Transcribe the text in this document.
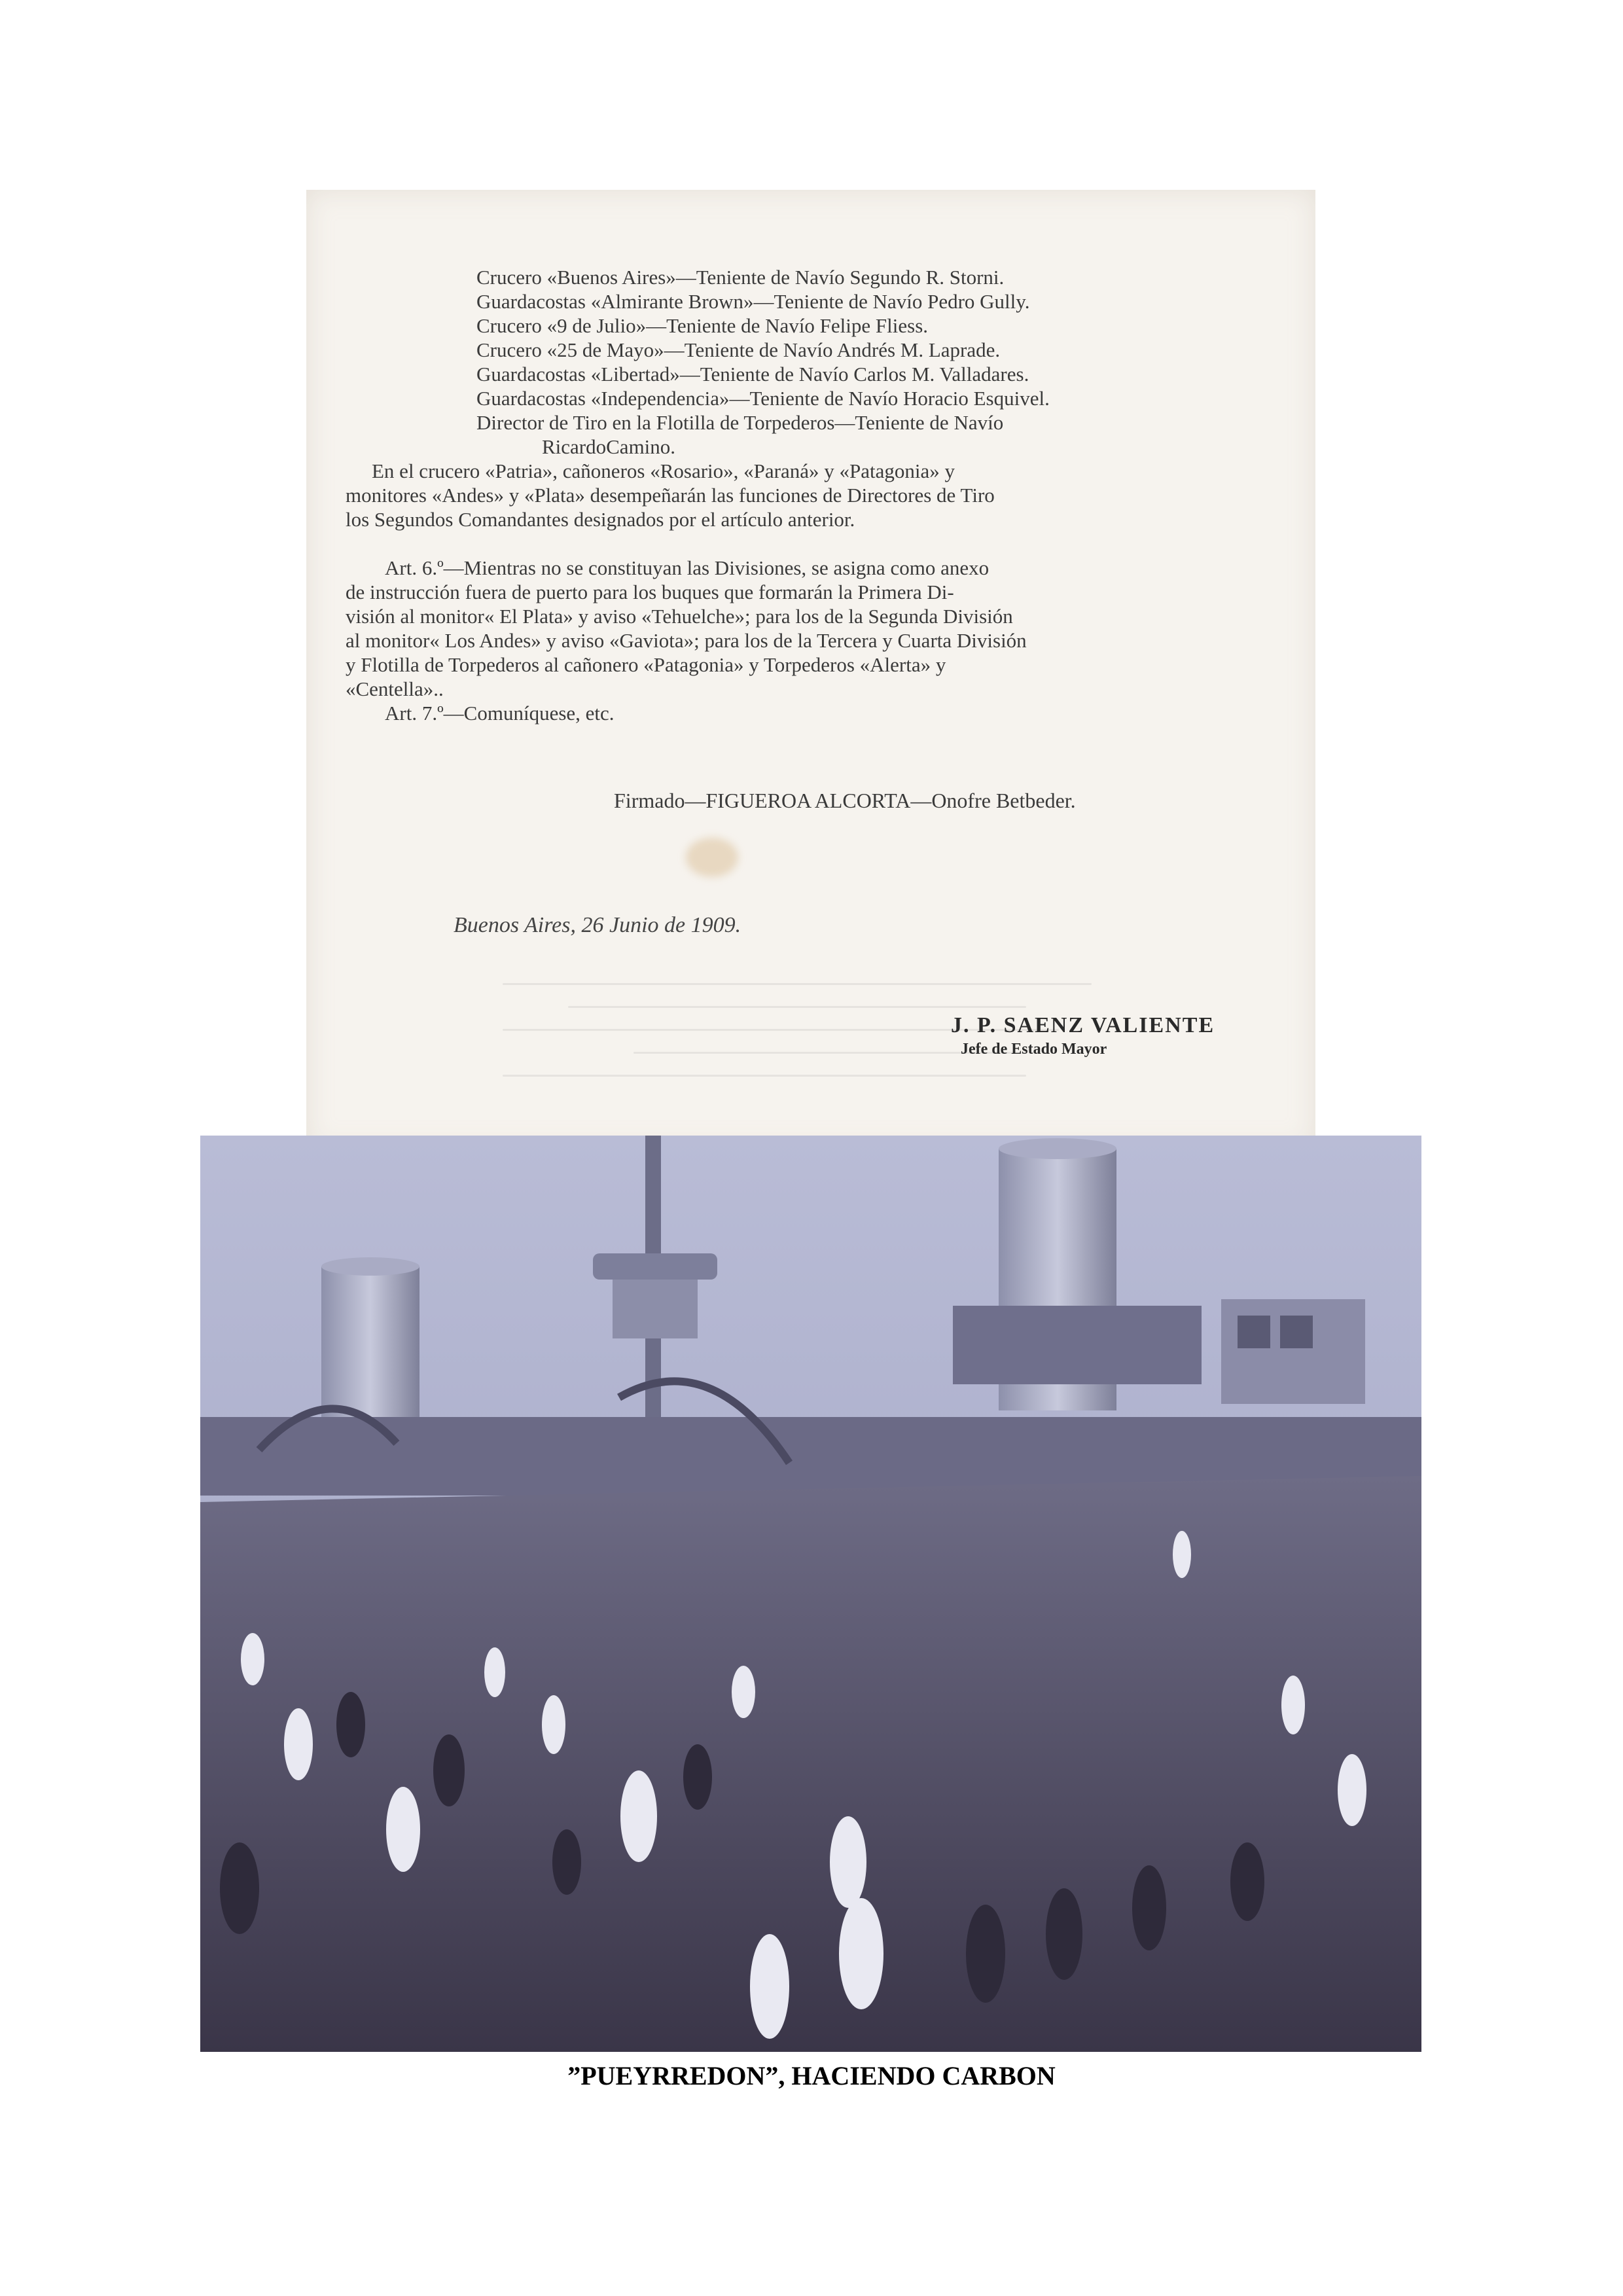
Crucero «Buenos Aires»—Teniente de Navío Segundo R. Storni.
Guardacostas «Almirante Brown»—Teniente de Navío Pedro Gully.
Crucero «9 de Julio»—Teniente de Navío Felipe Fliess.
Crucero «25 de Mayo»—Teniente de Navío Andrés M. Laprade.
Guardacostas «Libertad»—Teniente de Navío Carlos M. Valladares.
Guardacostas «Independencia»—Teniente de Navío Horacio Esquivel.
Director de Tiro en la Flotilla de Torpederos—Teniente de Navío
RicardoCamino.
En el crucero «Patria», cañoneros «Rosario», «Paraná» y «Patagonia» y
monitores «Andes» y «Plata» desempeñarán las funciones de Directores de Tiro
los Segundos Comandantes designados por el artículo anterior.
Art. 6.º—Mientras no se constituyan las Divisiones, se asigna como anexo
de instrucción fuera de puerto para los buques que formarán la Primera Di-
visión al monitor« El Plata» y aviso «Tehuelche»; para los de la Segunda División
al monitor« Los Andes» y aviso «Gaviota»; para los de la Tercera y Cuarta División
y Flotilla de Torpederos al cañonero «Patagonia» y Torpederos «Alerta» y
«Centella»..
Art. 7.º—Comuníquese, etc.
Firmado—FIGUEROA ALCORTA—Onofre Betbeder.
Buenos Aires, 26 Junio de 1909.
J. P. SAENZ VALIENTE
Jefe de Estado Mayor
”PUEYRREDON”, HACIENDO CARBON
